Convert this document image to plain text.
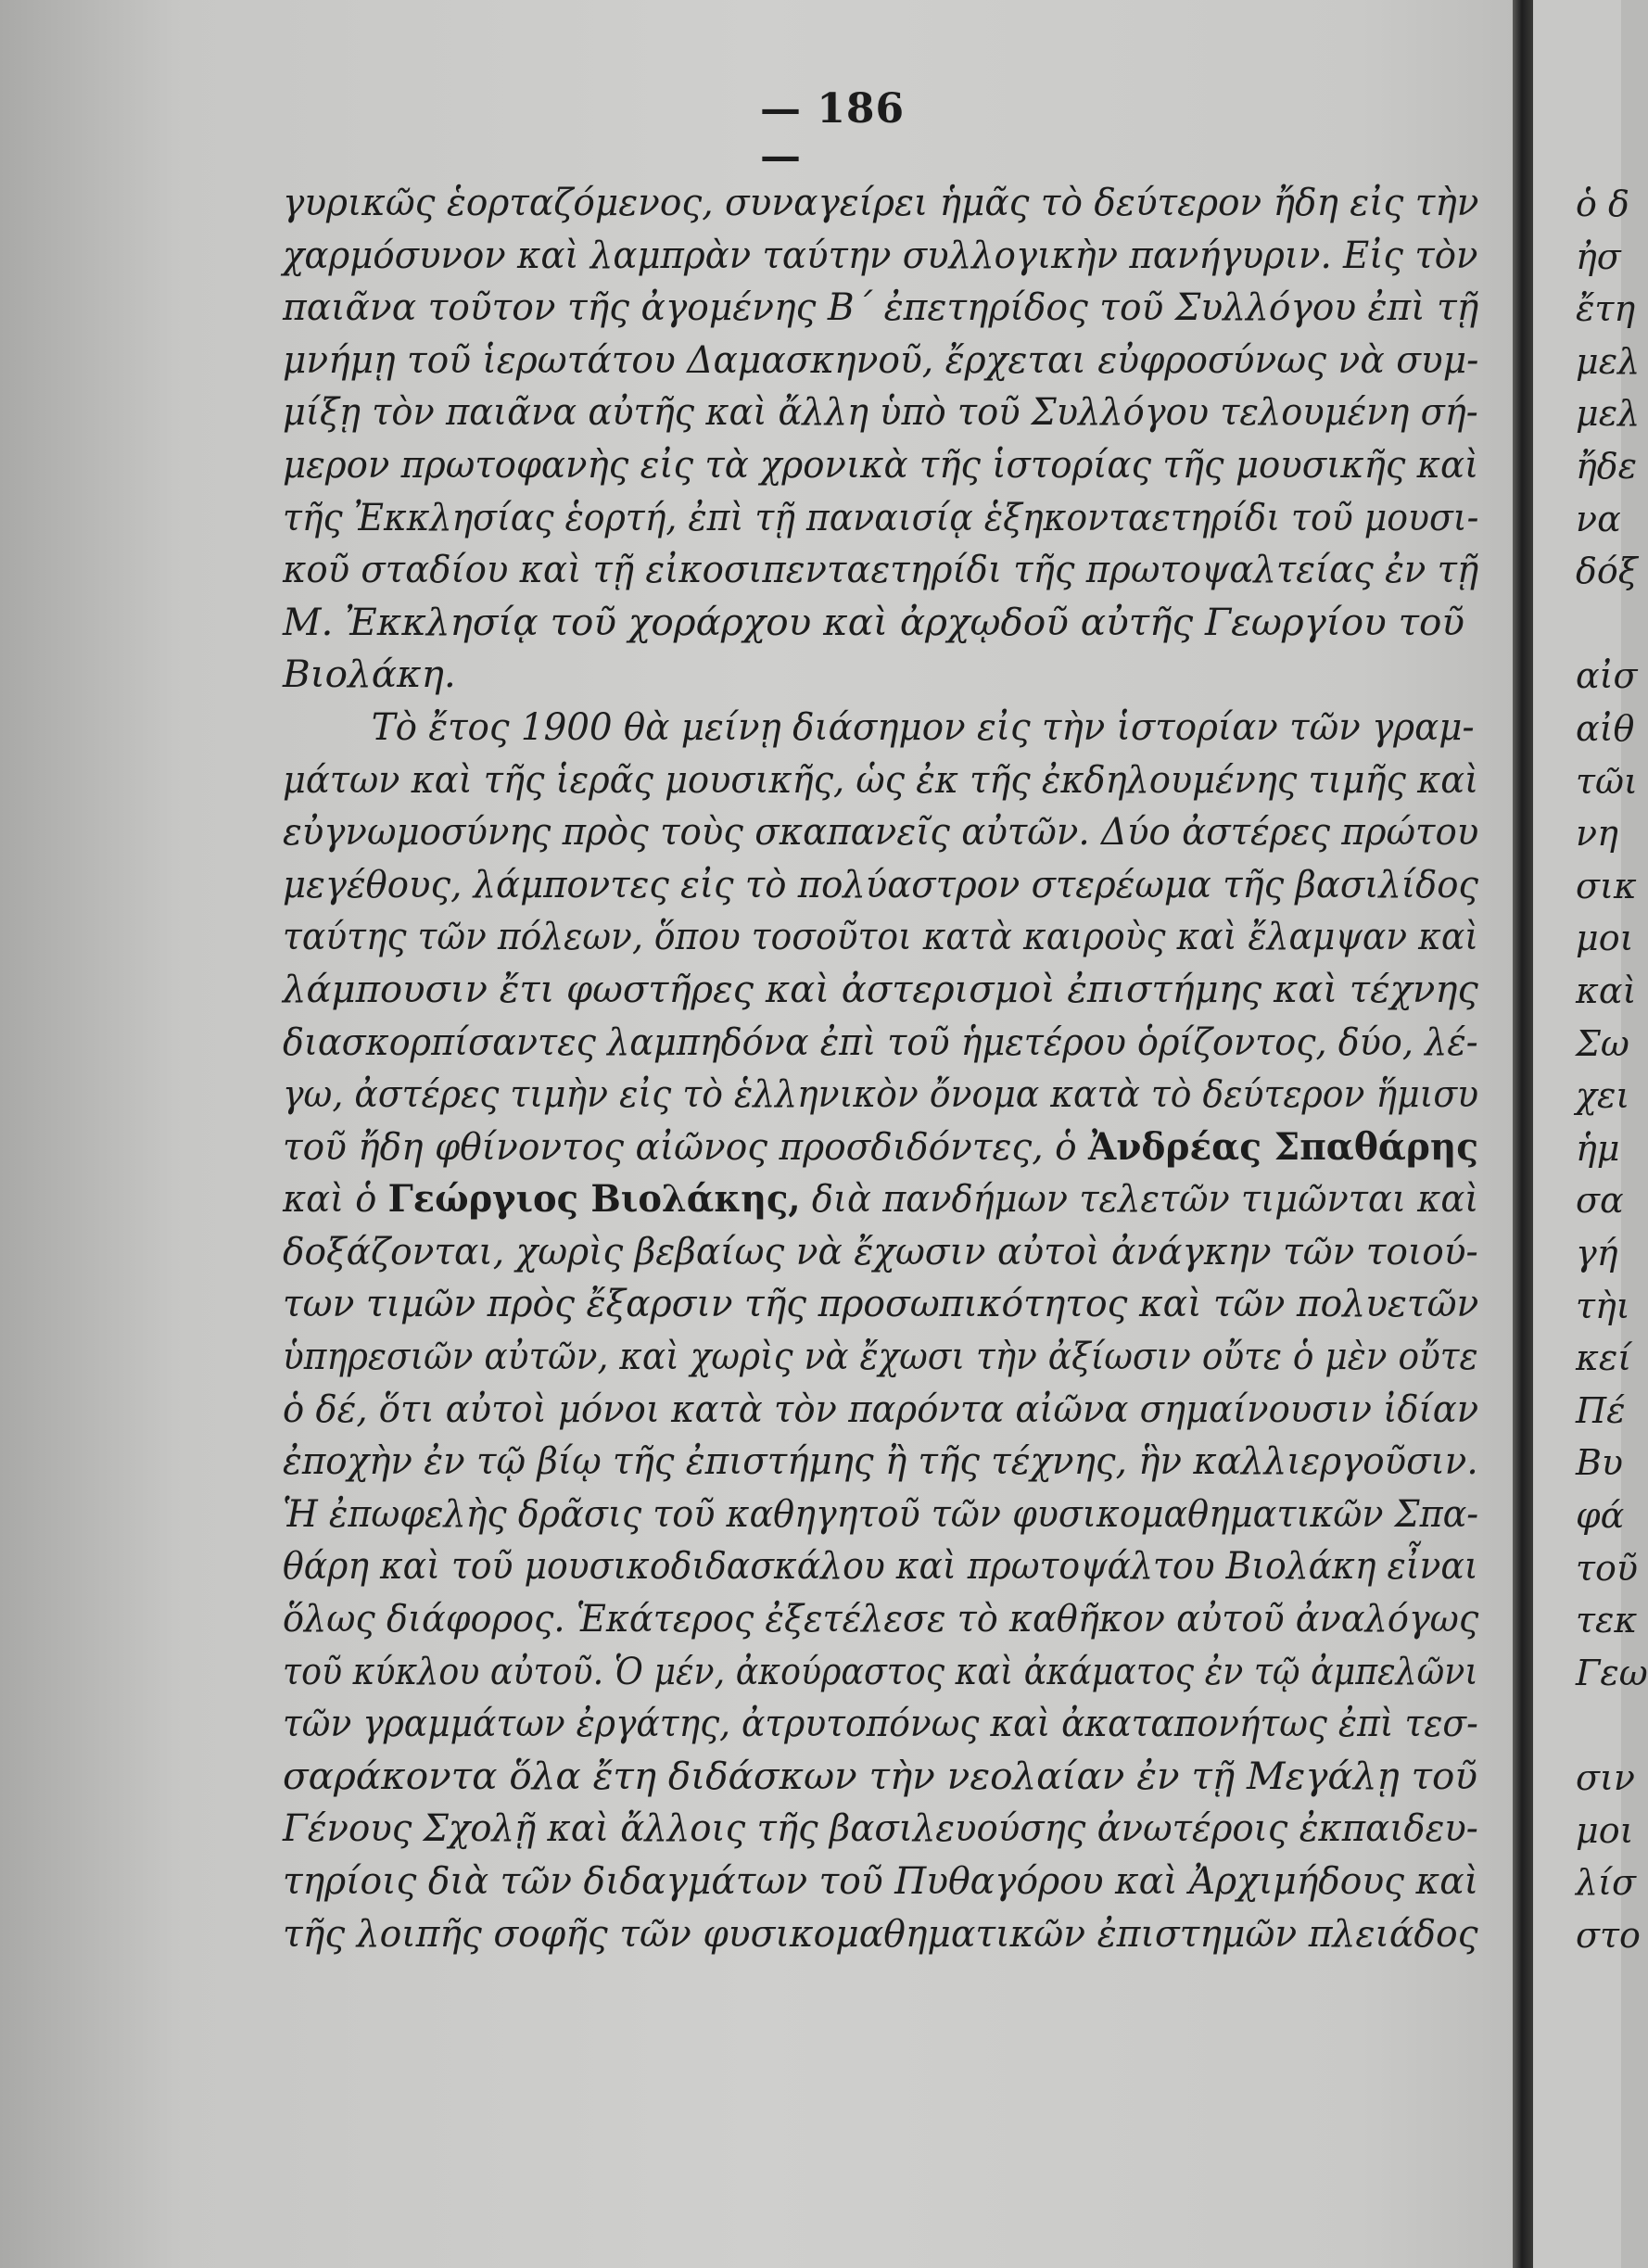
— 186 —
γυρικῶς ἑορταζόμενος, συναγείρει ἡμᾶς τὸ δεύτερον ἤδη εἰς τὴν
χαρμόσυνον καὶ λαμπρὰν ταύτην συλλογικὴν πανήγυριν. Εἰς τὸν
παιᾶνα τοῦτον τῆς ἀγομένης Β΄ ἐπετηρίδος τοῦ Συλλόγου ἐπὶ τῇ
μνήμῃ τοῦ ἱερωτάτου Δαμασκηνοῦ, ἔρχεται εὐφροσύνως νὰ συμ-
μίξῃ τὸν παιᾶνα αὐτῆς καὶ ἄλλη ὑπὸ τοῦ Συλλόγου τελουμένη σή-
μερον πρωτοφανὴς εἰς τὰ χρονικὰ τῆς ἱστορίας τῆς μουσικῆς καὶ
τῆς Ἐκκλησίας ἑορτή, ἐπὶ τῇ παναισίᾳ ἑξηκονταετηρίδι τοῦ μουσι-
κοῦ σταδίου καὶ τῇ εἰκοσιπενταετηρίδι τῆς πρωτοψαλτείας ἐν τῇ
Μ. Ἐκκλησίᾳ τοῦ χοράρχου καὶ ἀρχῳδοῦ αὐτῆς Γεωργίου τοῦ
Βιολάκη.
Τὸ ἔτος 1900 θὰ μείνῃ διάσημον εἰς τὴν ἱστορίαν τῶν γραμ-
μάτων καὶ τῆς ἱερᾶς μουσικῆς, ὡς ἐκ τῆς ἐκδηλουμένης τιμῆς καὶ
εὐγνωμοσύνης πρὸς τοὺς σκαπανεῖς αὐτῶν. Δύο ἀστέρες πρώτου
μεγέθους, λάμποντες εἰς τὸ πολύαστρον στερέωμα τῆς βασιλίδος
ταύτης τῶν πόλεων, ὅπου τοσοῦτοι κατὰ καιροὺς καὶ ἔλαμψαν καὶ
λάμπουσιν ἔτι φωστῆρες καὶ ἀστερισμοὶ ἐπιστήμης καὶ τέχνης
διασκορπίσαντες λαμπηδόνα ἐπὶ τοῦ ἡμετέρου ὁρίζοντος, δύο, λέ-
γω, ἀστέρες τιμὴν εἰς τὸ ἑλληνικὸν ὄνομα κατὰ τὸ δεύτερον ἥμισυ
τοῦ ἤδη φθίνοντος αἰῶνος προσδιδόντες, ὁ Ἀνδρέας Σπαθάρης
καὶ ὁ Γεώργιος Βιολάκης, διὰ πανδήμων τελετῶν τιμῶνται καὶ
δοξάζονται, χωρὶς βεβαίως νὰ ἔχωσιν αὐτοὶ ἀνάγκην τῶν τοιού-
των τιμῶν πρὸς ἔξαρσιν τῆς προσωπικότητος καὶ τῶν πολυετῶν
ὑπηρεσιῶν αὐτῶν, καὶ χωρὶς νὰ ἔχωσι τὴν ἀξίωσιν οὔτε ὁ μὲν οὔτε
ὁ δέ, ὅτι αὐτοὶ μόνοι κατὰ τὸν παρόντα αἰῶνα σημαίνουσιν ἰδίαν
ἐποχὴν ἐν τῷ βίῳ τῆς ἐπιστήμης ἢ τῆς τέχνης, ἣν καλλιεργοῦσιν.
Ἡ ἐπωφελὴς δρᾶσις τοῦ καθηγητοῦ τῶν φυσικομαθηματικῶν Σπα-
θάρη καὶ τοῦ μουσικοδιδασκάλου καὶ πρωτοψάλτου Βιολάκη εἶναι
ὅλως διάφορος. Ἑκάτερος ἐξετέλεσε τὸ καθῆκον αὐτοῦ ἀναλόγως
τοῦ κύκλου αὐτοῦ. Ὁ μέν, ἀκούραστος καὶ ἀκάματος ἐν τῷ ἀμπελῶνι
τῶν γραμμάτων ἐργάτης, ἀτρυτοπόνως καὶ ἀκαταπονήτως ἐπὶ τεσ-
σαράκοντα ὅλα ἔτη διδάσκων τὴν νεολαίαν ἐν τῇ Μεγάλῃ τοῦ
Γένους Σχολῇ καὶ ἄλλοις τῆς βασιλευούσης ἀνωτέροις ἐκπαιδευ-
τηρίοις διὰ τῶν διδαγμάτων τοῦ Πυθαγόρου καὶ Ἀρχιμήδους καὶ
τῆς λοιπῆς σοφῆς τῶν φυσικομαθηματικῶν ἐπιστημῶν πλειάδος
ὁ δ
ἠσ
ἔτη
μελ
μελ
ἤδε
να
δόξ
αἰσ
αἰθ
τῶι
νη
σικ
μοι
καὶ
Σω
χει
ἡμ
σα
γή
τὴι
κεί
Πέ
Βυ
φά
τοῦ
τεκ
Γεω
σιν
μοι
λίσ
στο
